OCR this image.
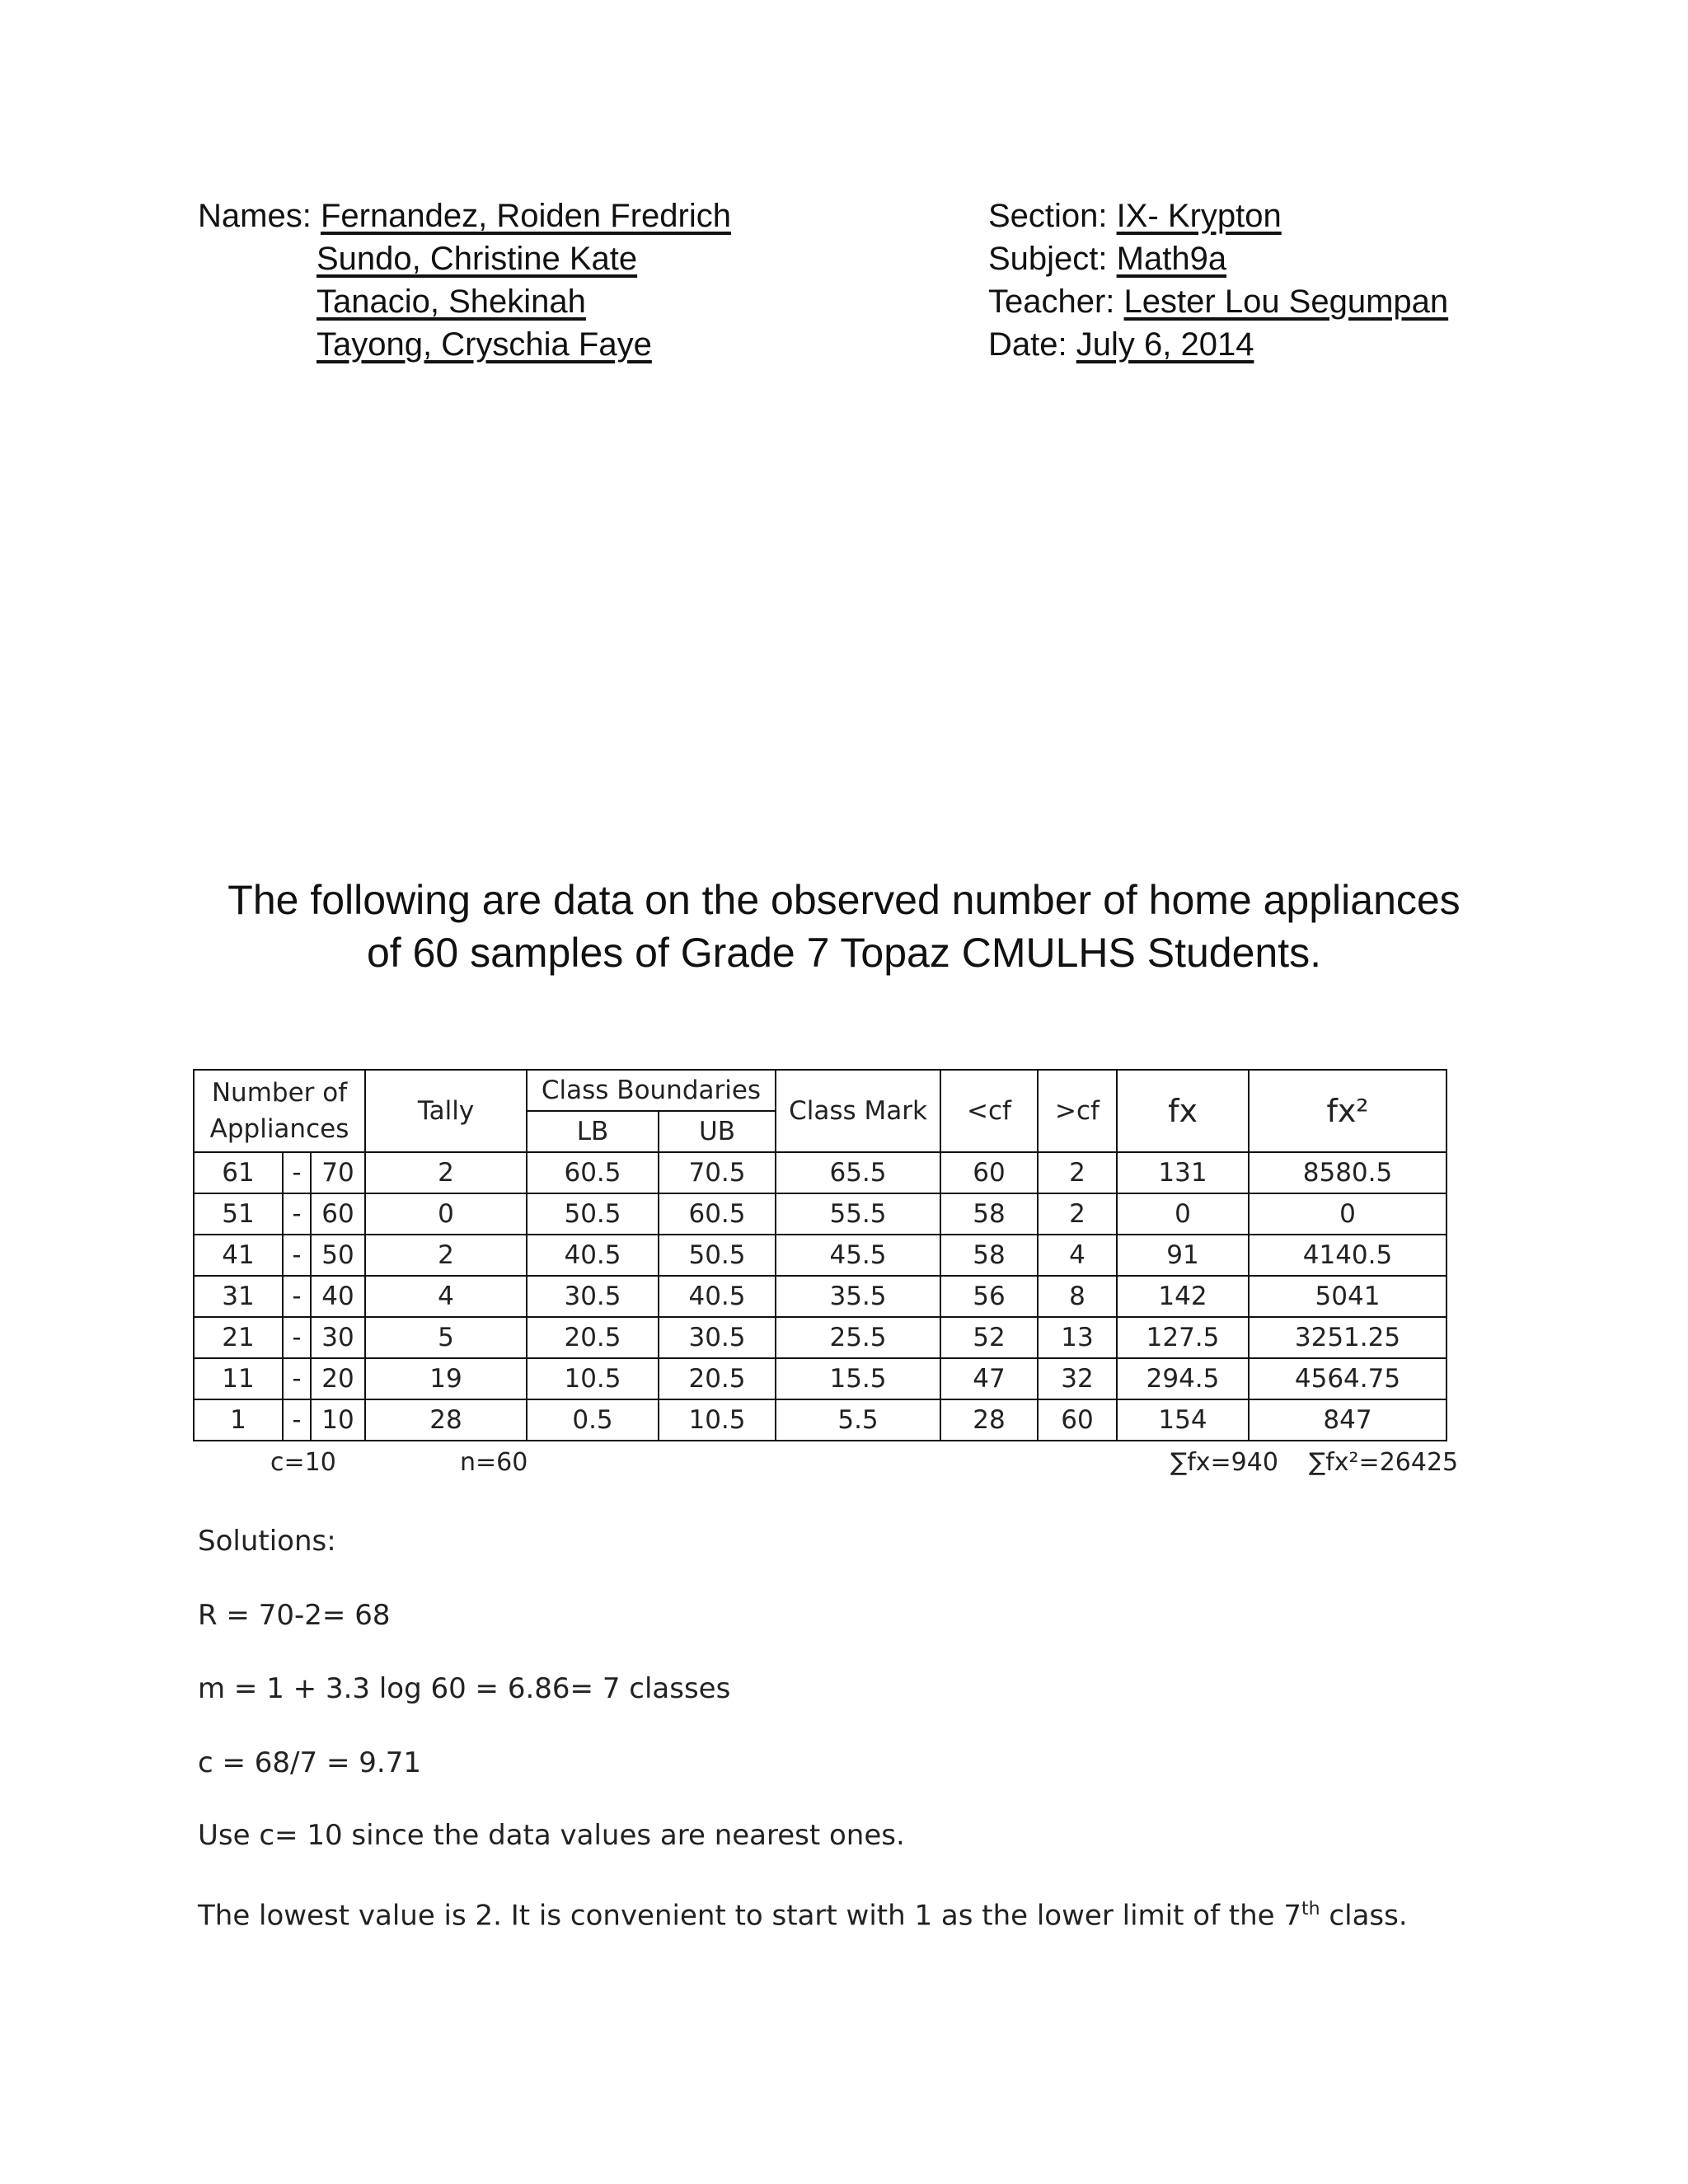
Names: Fernandez, Roiden Fredrich
Sundo, Christine Kate
Tanacio, Shekinah
Tayong, Cryschia Faye
Section: IX- Krypton
Subject: Math9a
Teacher: Lester Lou Segumpan
Date: July 6, 2014
The following are data on the observed number of home appliances
of 60 samples of Grade 7 Topaz CMULHS Students.
Number of
Appliances			Tally	Class Boundaries		Class Mark	<cf	>cf	fx	fx²
				LB	UB					
61	-	70	2	60.5	70.5	65.5	60	2	131	8580.5
51	-	60	0	50.5	60.5	55.5	58	2	0	0
41	-	50	2	40.5	50.5	45.5	58	4	91	4140.5
31	-	40	4	30.5	40.5	35.5	56	8	142	5041
21	-	30	5	20.5	30.5	25.5	52	13	127.5	3251.25
11	-	20	19	10.5	20.5	15.5	47	32	294.5	4564.75
1	-	10	28	0.5	10.5	5.5	28	60	154	847
c=10	n=60	∑fx=940 ∑fx²=26425
Solutions:
R = 70-2= 68
m = 1 + 3.3 log 60 = 6.86= 7 classes
c = 68/7 = 9.71
Use c= 10 since the data values are nearest ones.
The lowest value is 2. It is convenient to start with 1 as the lower limit of the 7th class.
